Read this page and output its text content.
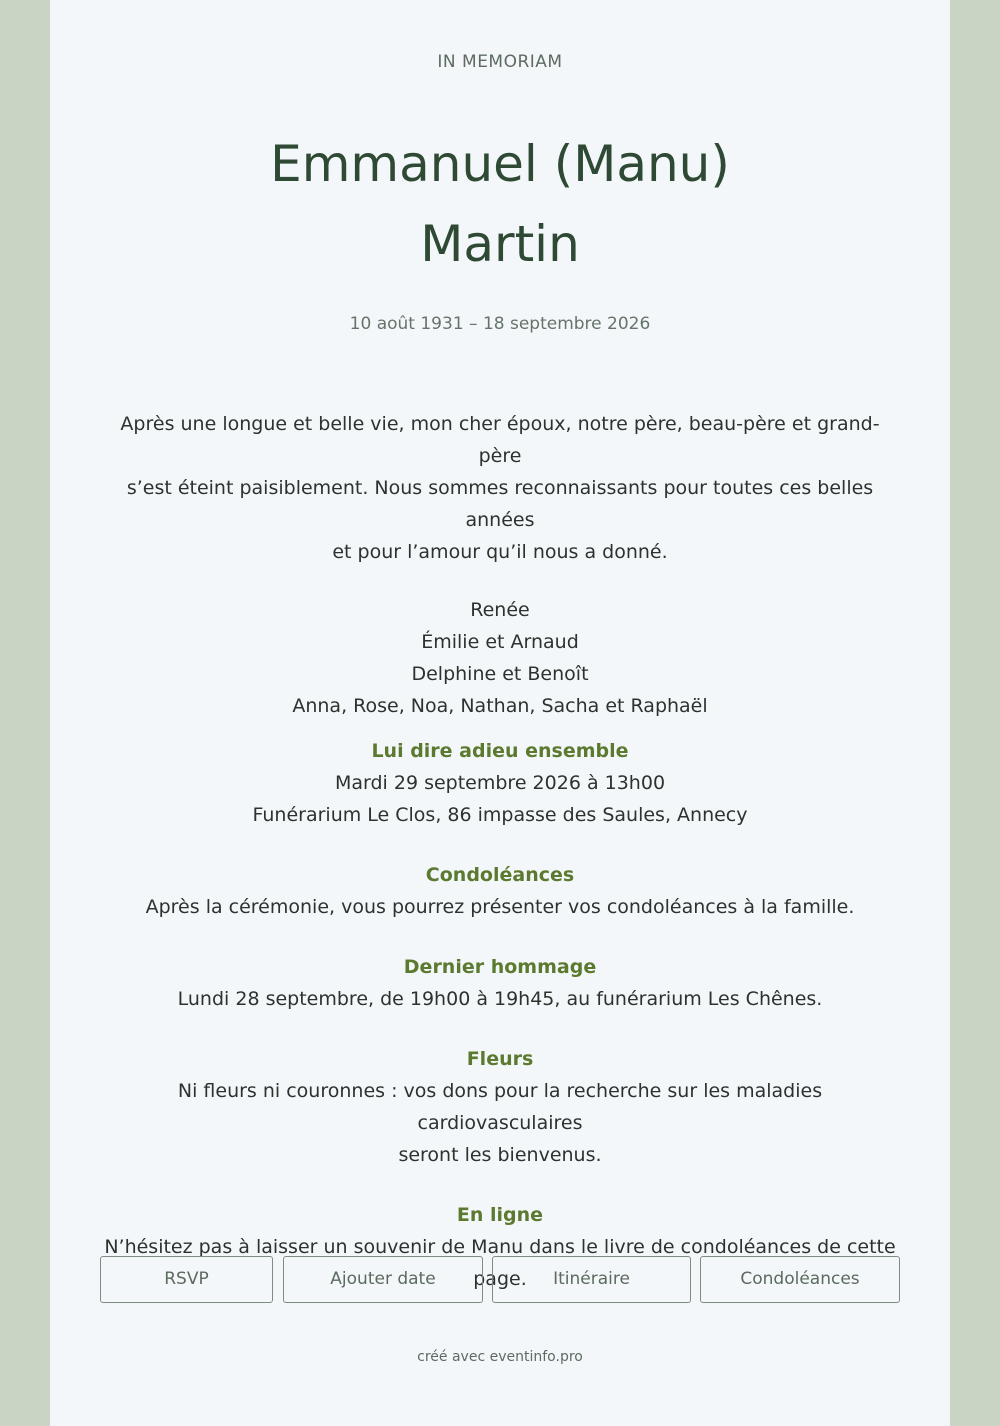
IN MEMORIAM
Emmanuel (Manu)
Martin
10 août 1931 – 18 septembre 2026
Après une longue et belle vie, mon cher époux, notre père, beau-père et grand-père
s’est éteint paisiblement. Nous sommes reconnaissants pour toutes ces belles années
et pour l’amour qu’il nous a donné.
Renée
Émilie et Arnaud
Delphine et Benoît
Anna, Rose, Noa, Nathan, Sacha et Raphaël
Lui dire adieu ensemble
Mardi 29 septembre 2026 à 13h00
Funérarium Le Clos, 86 impasse des Saules, Annecy
Condoléances
Après la cérémonie, vous pourrez présenter vos condoléances à la famille.
Dernier hommage
Lundi 28 septembre, de 19h00 à 19h45, au funérarium Les Chênes.
Fleurs
Ni fleurs ni couronnes : vos dons pour la recherche sur les maladies cardiovasculaires
seront les bienvenus.
En ligne
N’hésitez pas à laisser un souvenir de Manu dans le livre de condoléances de cette
page.
RSVP	Ajouter date	Itinéraire	Condoléances
créé avec eventinfo.pro
